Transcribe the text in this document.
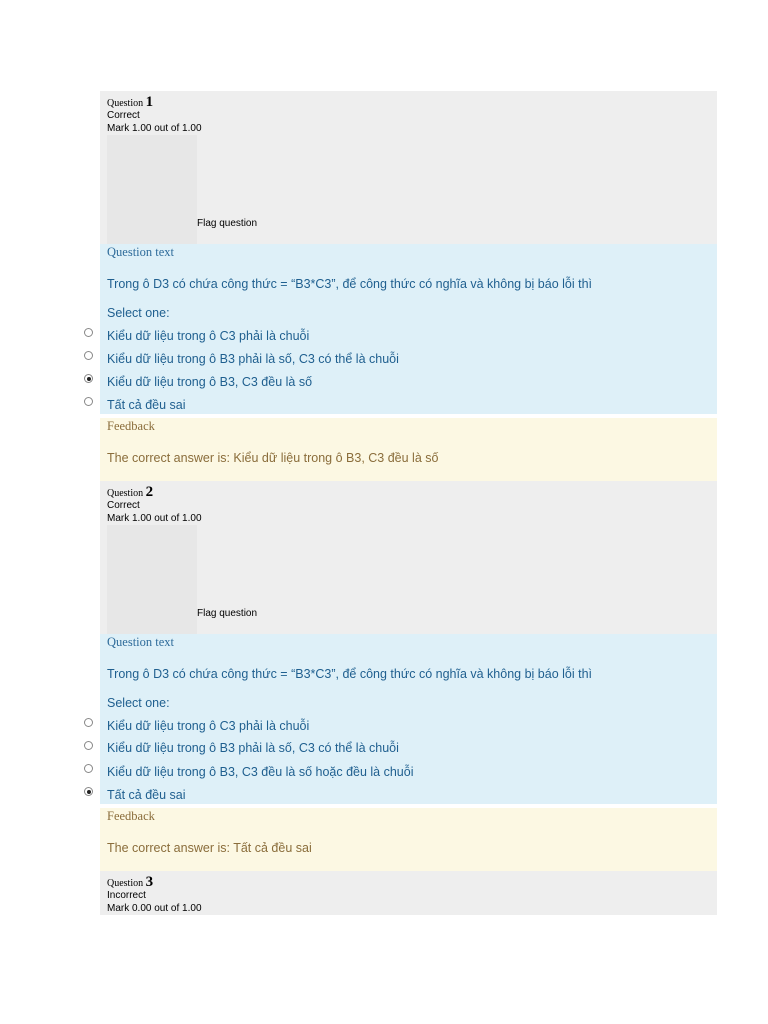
Question 1
Correct
Mark 1.00 out of 1.00
Flag question
Question text
Trong ô D3 có chứa công thức = “B3*C3”, để công thức có nghĩa và không bị báo lỗi thì
Select one:
Kiểu dữ liệu trong ô C3 phải là chuỗi
Kiểu dữ liệu trong ô B3 phải là số, C3 có thể là chuỗi
Kiểu dữ liệu trong ô B3, C3 đều là số
Tất cả đều sai
Feedback
The correct answer is: Kiểu dữ liệu trong ô B3, C3 đều là số
Question 2
Correct
Mark 1.00 out of 1.00
Flag question
Question text
Trong ô D3 có chứa công thức = “B3*C3”, để công thức có nghĩa và không bị báo lỗi thì
Select one:
Kiểu dữ liệu trong ô C3 phải là chuỗi
Kiểu dữ liệu trong ô B3 phải là số, C3 có thể là chuỗi
Kiểu dữ liệu trong ô B3, C3 đều là số hoặc đều là chuỗi
Tất cả đều sai
Feedback
The correct answer is: Tất cả đều sai
Question 3
Incorrect
Mark 0.00 out of 1.00
